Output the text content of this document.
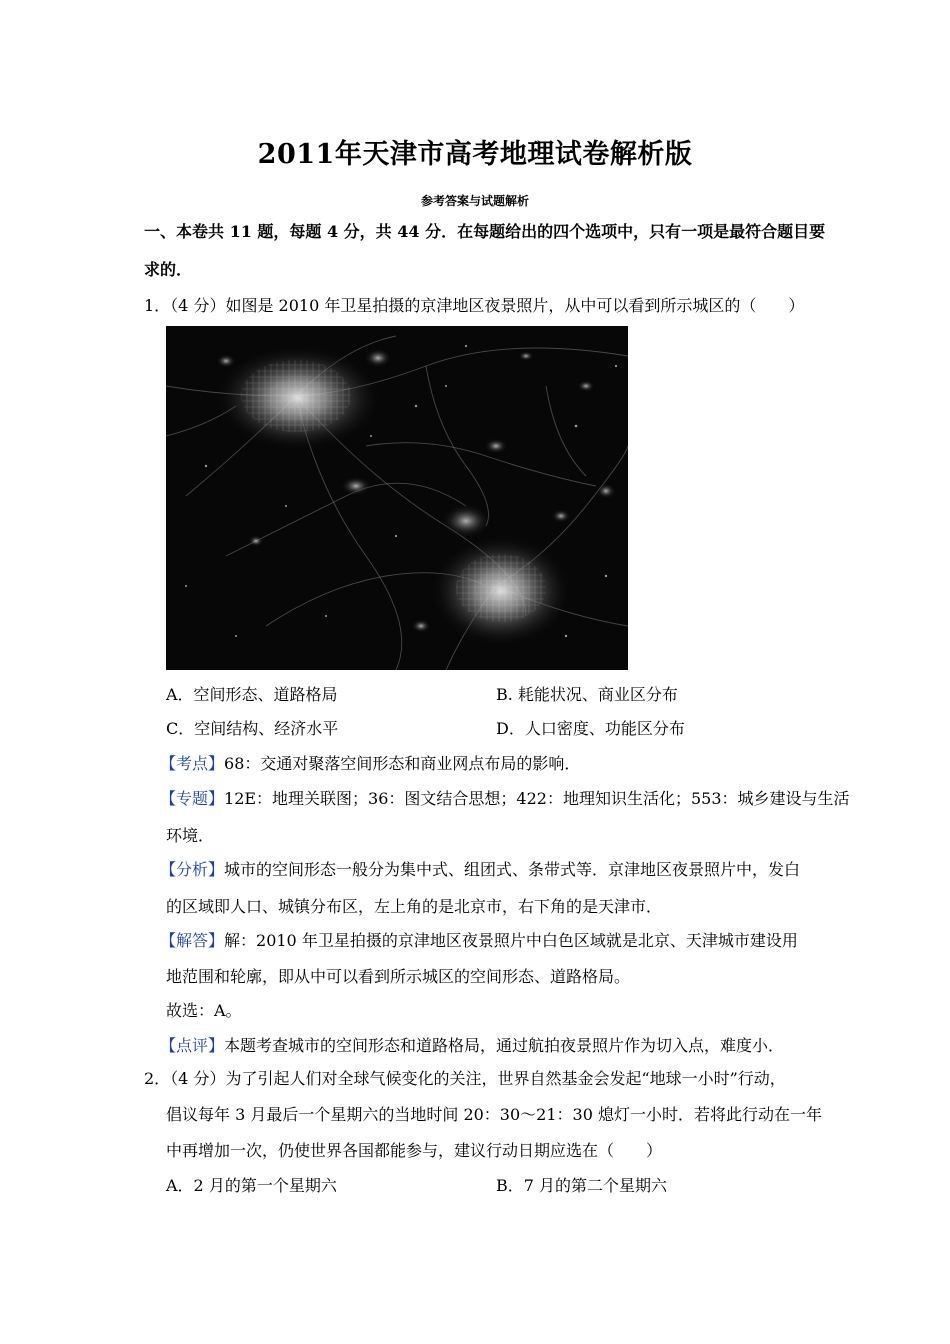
2011年天津市高考地理试卷解析版
参考答案与试题解析
一、本卷共 11 题，每题 4 分，共 44 分．在每题给出的四个选项中，只有一项是最符合题目要
求的．
1．（4 分）如图是 2010 年卫星拍摄的京津地区夜景照片，从中可以看到所示城区的（　　）
A．空间形态、道路格局	B. 耗能状况、商业区分布
C．空间结构、经济水平	D．人口密度、功能区分布
【考点】68：交通对聚落空间形态和商业网点布局的影响．
【专题】12E：地理关联图；36：图文结合思想；422：地理知识生活化；553：城乡建设与生活
环境．
【分析】城市的空间形态一般分为集中式、组团式、条带式等．京津地区夜景照片中，发白
的区域即人口、城镇分布区，左上角的是北京市，右下角的是天津市．
【解答】解：2010 年卫星拍摄的京津地区夜景照片中白色区域就是北京、天津城市建设用
地范围和轮廓，即从中可以看到所示城区的空间形态、道路格局。
故选：A。
【点评】本题考查城市的空间形态和道路格局，通过航拍夜景照片作为切入点，难度小．
2．（4 分）为了引起人们对全球气候变化的关注，世界自然基金会发起“地球一小时”行动，
倡议每年 3 月最后一个星期六的当地时间 20：30～21：30 熄灯一小时．若将此行动在一年
中再增加一次，仍使世界各国都能参与，建议行动日期应选在（　　）
A．2 月的第一个星期六	B．7 月的第二个星期六
